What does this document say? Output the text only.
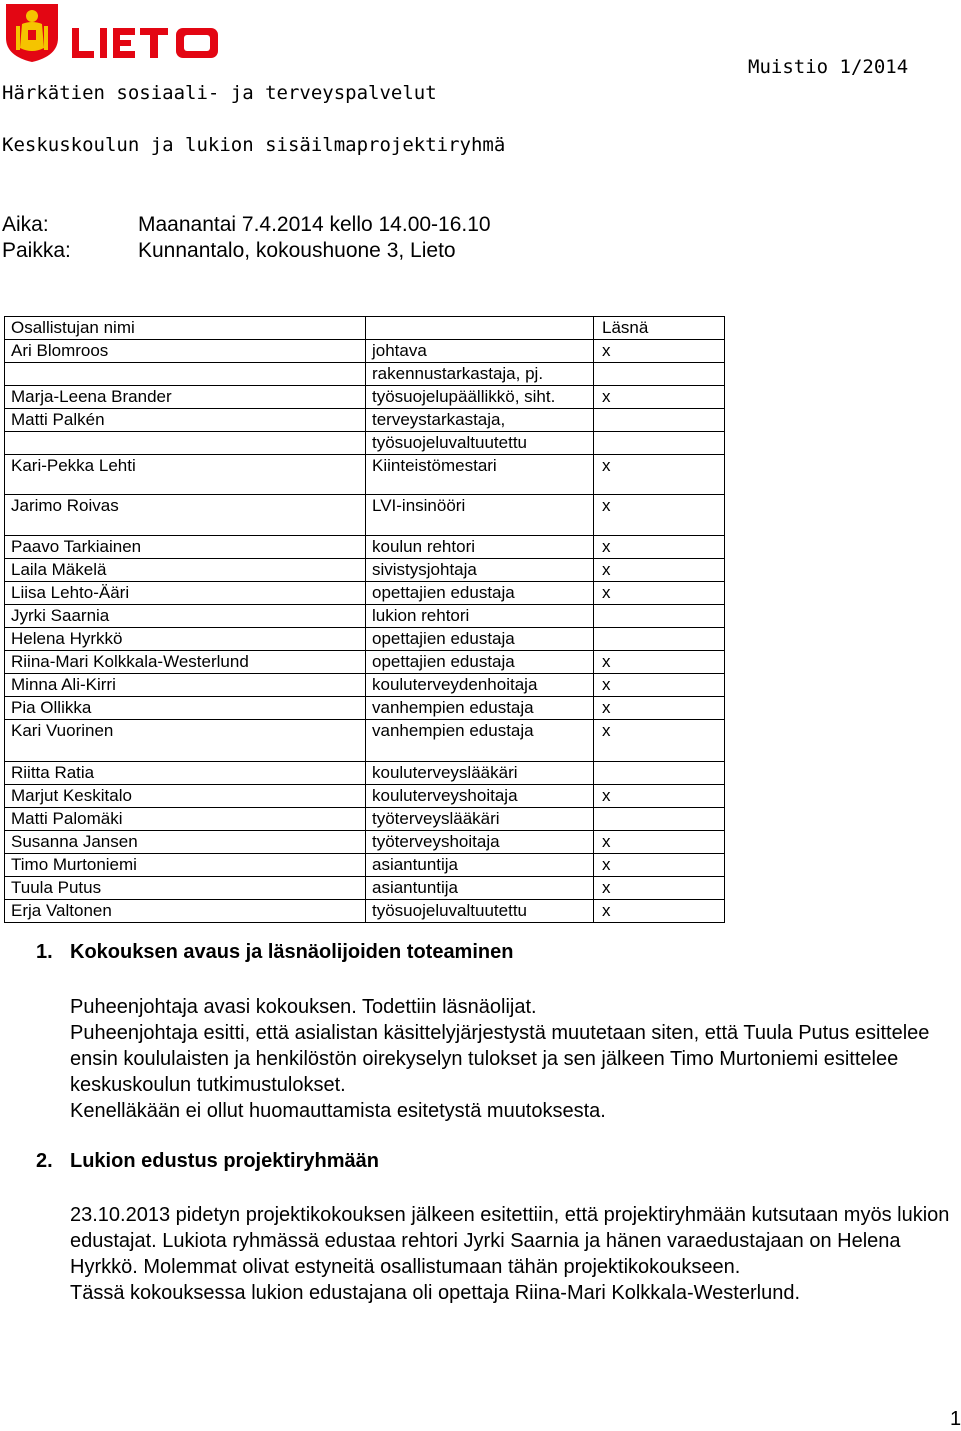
Muistio 1/2014
Härkätien sosiaali- ja terveyspalvelut
Keskuskoulun ja lukion sisäilmaprojektiryhmä
Aika:	Maanantai 7.4.2014 kello 14.00-16.10
Paikka:	Kunnantalo, kokoushuone 3, Lieto
Osallistujan nimi		Läsnä
Ari Blomroos	johtava	x
	rakennustarkastaja, pj.	
Marja-Leena Brander	työsuojelupäällikkö, siht.	x
Matti Palkén	terveystarkastaja,	
	työsuojeluvaltuutettu	
Kari-Pekka Lehti	Kiinteistömestari	x
Jarimo Roivas	LVI-insinööri	x
Paavo Tarkiainen	koulun rehtori	x
Laila Mäkelä	sivistysjohtaja	x
Liisa Lehto-Ääri	opettajien edustaja	x
Jyrki Saarnia	lukion rehtori	
Helena Hyrkkö	opettajien edustaja	
Riina-Mari Kolkkala-Westerlund	opettajien edustaja	x
Minna Ali-Kirri	kouluterveydenhoitaja	x
Pia Ollikka	vanhempien edustaja	x
Kari Vuorinen	vanhempien edustaja	x
Riitta Ratia	kouluterveyslääkäri	
Marjut Keskitalo	kouluterveyshoitaja	x
Matti Palomäki	työterveyslääkäri	
Susanna Jansen	työterveyshoitaja	x
Timo Murtoniemi	asiantuntija	x
Tuula Putus	asiantuntija	x
Erja Valtonen	työsuojeluvaltuutettu	x
1. Kokouksen avaus ja läsnäolijoiden toteaminen

Puheenjohtaja avasi kokouksen. Todettiin läsnäolijat.

Puheenjohtaja esitti, että asialistan käsittelyjärjestystä muutetaan siten, että Tuula Putus esittelee ensin koululaisten ja henkilöstön oirekyselyn tulokset ja sen jälkeen Timo Murtoniemi esittelee keskuskoulun tutkimustulokset.

Kenelläkään ei ollut huomauttamista esitetystä muutoksesta.

2. Lukion edustus projektiryhmään

23.10.2013 pidetyn projektikokouksen jälkeen esitettiin, että projektiryhmään kutsutaan myös lukion edustajat. Lukiota ryhmässä edustaa rehtori Jyrki Saarnia ja hänen varaedustajaan on Helena Hyrkkö. Molemmat olivat estyneitä osallistumaan tähän projektikokoukseen.

Tässä kokouksessa lukion edustajana oli opettaja Riina-Mari Kolkkala-Westerlund.

1
